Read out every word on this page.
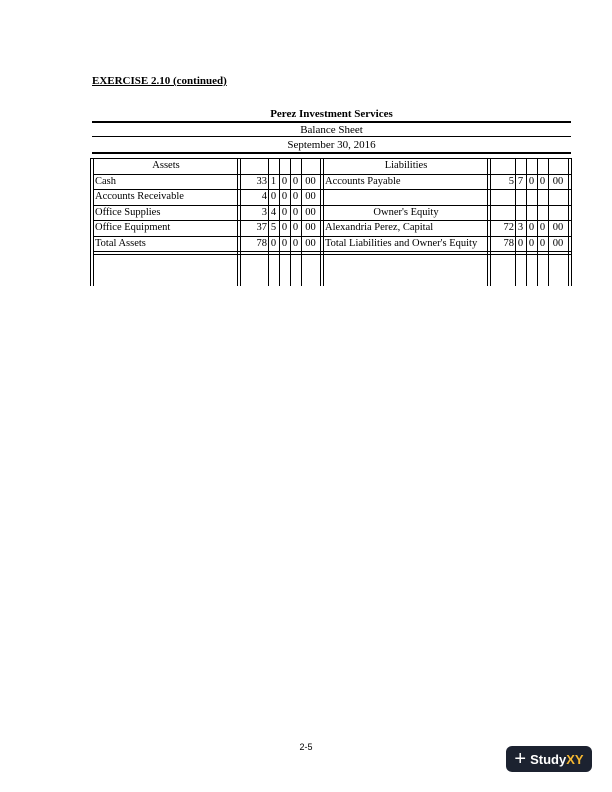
EXERCISE 2.10 (continued)
Perez Investment Services
Balance Sheet
September 30, 2016
Assets	Liabilities
Cash	33 1 0 0 00 Accounts Payable	5 7 0 0 00
Accounts Receivable	4 0 0 0 00
Office Supplies	3 4 0 0 00	Owner's Equity
Office Equipment	37 5 0 0 00 Alexandria Perez, Capital	72 3 0 0 00
Total Assets	78 0 0 0 00 Total Liabilities and Owner's Equity	78 0 0 0 00
2-5
+ Study XY
